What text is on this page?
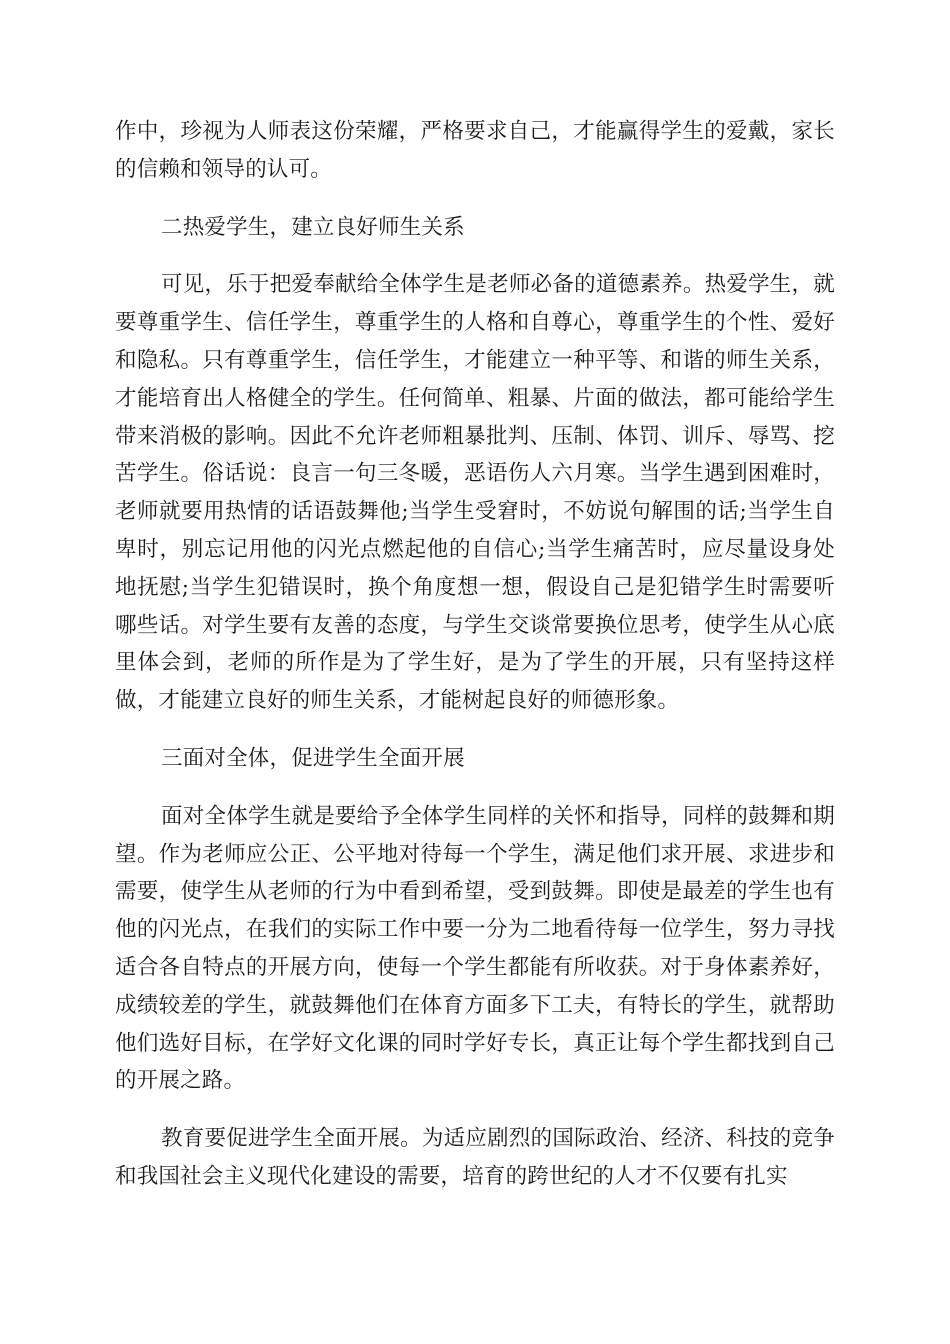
作中，珍视为人师表这份荣耀，严格要求自己，才能赢得学生的爱戴，家长的信赖和领导的认可。

二热爱学生，建立良好师生关系

可见，乐于把爱奉献给全体学生是老师必备的道德素养。热爱学生，就要尊重学生、信任学生，尊重学生的人格和自尊心，尊重学生的个性、爱好和隐私。只有尊重学生，信任学生，才能建立一种平等、和谐的师生关系，才能培育出人格健全的学生。任何简单、粗暴、片面的做法，都可能给学生带来消极的影响。因此不允许老师粗暴批判、压制、体罚、训斥、辱骂、挖苦学生。俗话说：良言一句三冬暖，恶语伤人六月寒。当学生遇到困难时，老师就要用热情的话语鼓舞他;当学生受窘时，不妨说句解围的话;当学生自卑时，别忘记用他的闪光点燃起他的自信心;当学生痛苦时，应尽量设身处地抚慰;当学生犯错误时，换个角度想一想，假设自己是犯错学生时需要听哪些话。对学生要有友善的态度，与学生交谈常要换位思考，使学生从心底里体会到，老师的所作是为了学生好，是为了学生的开展，只有坚持这样做，才能建立良好的师生关系，才能树起良好的师德形象。

三面对全体，促进学生全面开展

面对全体学生就是要给予全体学生同样的关怀和指导，同样的鼓舞和期望。作为老师应公正、公平地对待每一个学生，满足他们求开展、求进步和需要，使学生从老师的行为中看到希望，受到鼓舞。即使是最差的学生也有他的闪光点，在我们的实际工作中要一分为二地看待每一位学生，努力寻找适合各自特点的开展方向，使每一个学生都能有所收获。对于身体素养好，成绩较差的学生，就鼓舞他们在体育方面多下工夫，有特长的学生，就帮助他们选好目标，在学好文化课的同时学好专长，真正让每个学生都找到自己的开展之路。

教育要促进学生全面开展。为适应剧烈的国际政治、经济、科技的竞争和我国社会主义现代化建设的需要，培育的跨世纪的人才不仅要有扎实
